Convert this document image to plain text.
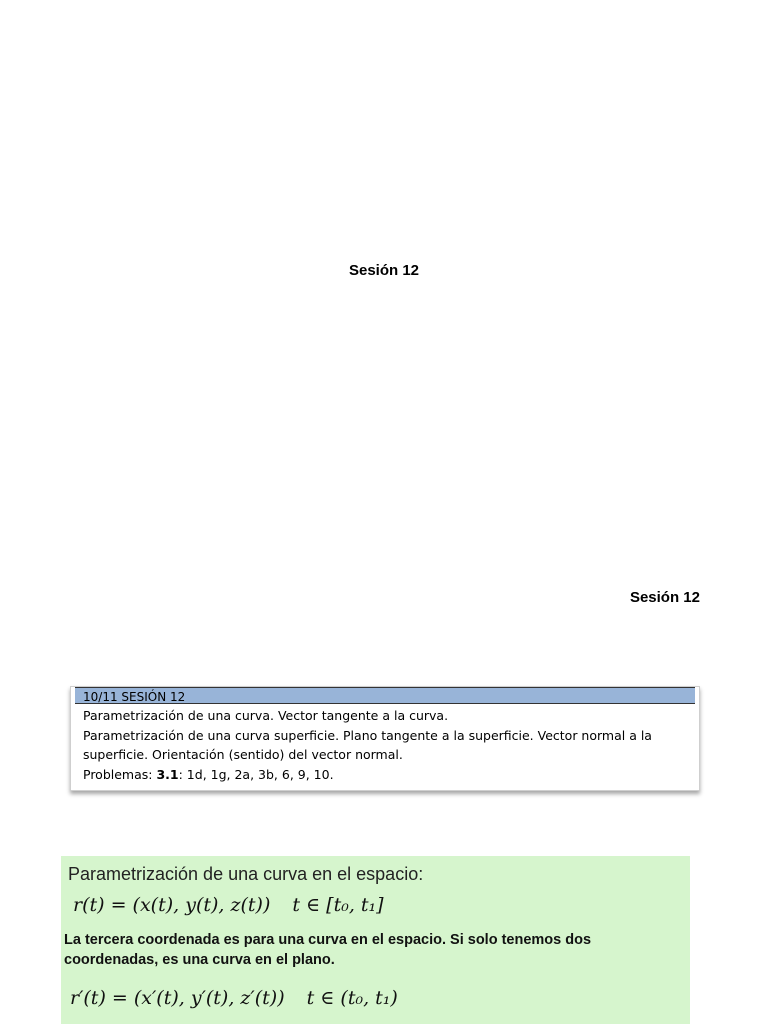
Sesión 12
Sesión 12
10/11 SESIÓN 12

Parametrización de una curva. Vector tangente a la curva.

Parametrización de una curva superficie. Plano tangente a la superficie. Vector normal a la superficie. Orientación (sentido) del vector normal.

Problemas: 3.1: 1d, 1g, 2a, 3b, 6, 9, 10.

Parametrización de una curva en el espacio:
r(t) = (x(t), y(t), z(t)) t ∈ [t₀, t₁]
La tercera coordenada es para una curva en el espacio. Si solo tenemos dos coordenadas, es una curva en el plano.
r′(t) = (x′(t), y′(t), z′(t)) t ∈ (t₀, t₁)
